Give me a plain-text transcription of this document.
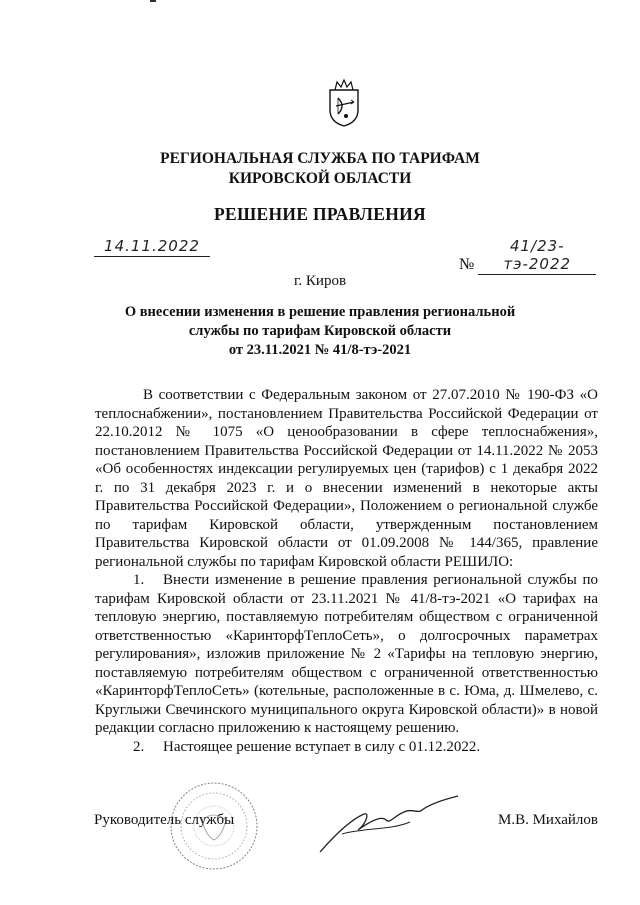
РЕГИОНАЛЬНАЯ СЛУЖБА ПО ТАРИФАМ
КИРОВСКОЙ ОБЛАСТИ
РЕШЕНИЕ ПРАВЛЕНИЯ
14.11.2022
№ 41/23-тэ-2022
г. Киров
О внесении изменения в решение правления региональной
службы по тарифам Кировской области
от 23.11.2021 № 41/8-тэ-2021

В соответствии с Федеральным законом от 27.07.2010 № 190-ФЗ «О теплоснабжении», постановлением Правительства Российской Федерации от 22.10.2012 № 1075 «О ценообразовании в сфере теплоснабжения», постановлением Правительства Российской Федерации от 14.11.2022 № 2053 «Об особенностях индексации регулируемых цен (тарифов) с 1 декабря 2022 г. по 31 декабря 2023 г. и о внесении изменений в некоторые акты Правительства Российской Федерации», Положением о региональной службе по тарифам Кировской области, утвержденным постановлением Правительства Кировской области от 01.09.2008 № 144/365, правление региональной службы по тарифам Кировской области РЕШИЛО:

1. Внести изменение в решение правления региональной службы по тарифам Кировской области от 23.11.2021 № 41/8-тэ-2021 «О тарифах на тепловую энергию, поставляемую потребителям обществом с ограниченной ответственностью «КаринторфТеплоСеть», о долгосрочных параметрах регулирования», изложив приложение № 2 «Тарифы на тепловую энергию, поставляемую потребителям обществом с ограниченной ответственностью «КаринторфТеплоСеть» (котельные, расположенные в с. Юма, д. Шмелево, с. Круглыжи Свечинского муниципального округа Кировской области)» в новой редакции согласно приложению к настоящему решению.

2. Настоящее решение вступает в силу с 01.12.2022.

Руководитель службы	М.В. Михайлов
